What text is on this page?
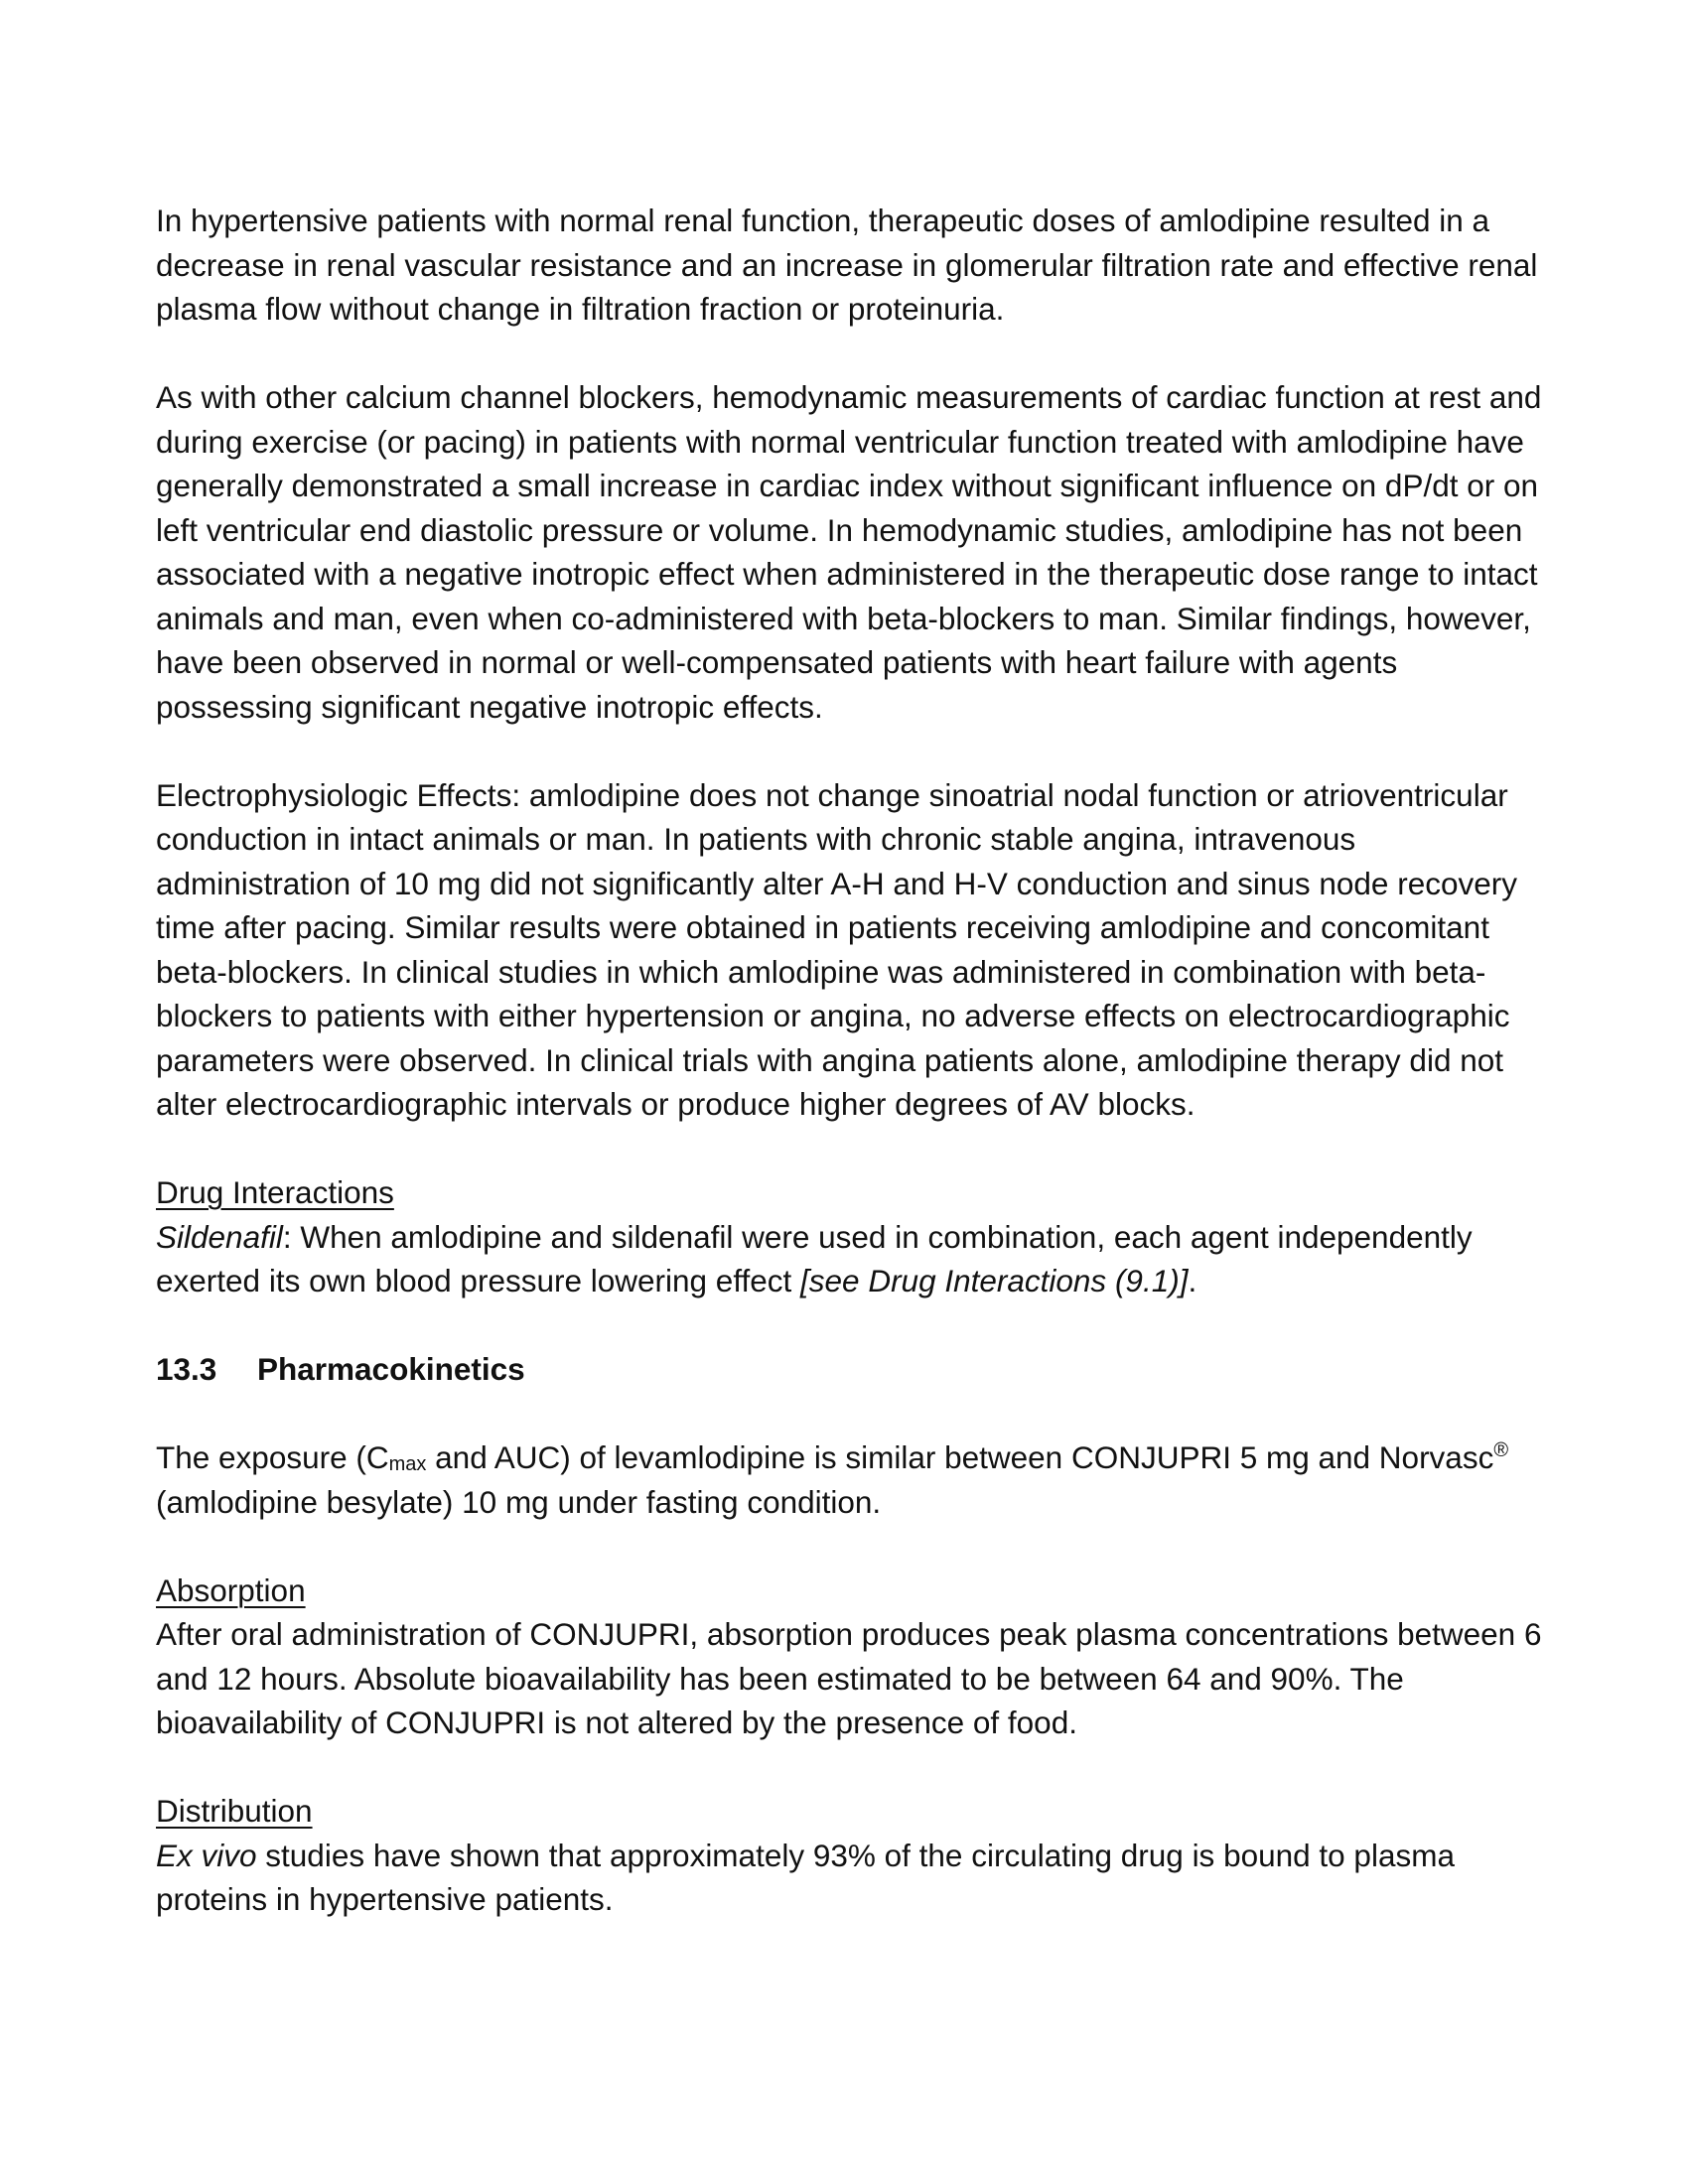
In hypertensive patients with normal renal function, therapeutic doses of amlodipine resulted in a decrease in renal vascular resistance and an increase in glomerular filtration rate and effective renal plasma flow without change in filtration fraction or proteinuria.

As with other calcium channel blockers, hemodynamic measurements of cardiac function at rest and during exercise (or pacing) in patients with normal ventricular function treated with amlodipine have generally demonstrated a small increase in cardiac index without significant influence on dP/dt or on left ventricular end diastolic pressure or volume. In hemodynamic studies, amlodipine has not been associated with a negative inotropic effect when administered in the therapeutic dose range to intact animals and man, even when co-administered with beta-blockers to man. Similar findings, however, have been observed in normal or well-compensated patients with heart failure with agents possessing significant negative inotropic effects.

Electrophysiologic Effects: amlodipine does not change sinoatrial nodal function or atrioventricular conduction in intact animals or man. In patients with chronic stable angina, intravenous administration of 10 mg did not significantly alter A-H and H-V conduction and sinus node recovery time after pacing. Similar results were obtained in patients receiving amlodipine and concomitant beta-blockers. In clinical studies in which amlodipine was administered in combination with beta-blockers to patients with either hypertension or angina, no adverse effects on electrocardiographic parameters were observed. In clinical trials with angina patients alone, amlodipine therapy did not alter electrocardiographic intervals or produce higher degrees of AV blocks.

Drug Interactions

Sildenafil: When amlodipine and sildenafil were used in combination, each agent independently exerted its own blood pressure lowering effect [see Drug Interactions (9.1)].

13.3 Pharmacokinetics

The exposure ($C_{max}$ and AUC) of levamlodipine is similar between CONJUPRI 5 mg and Norvasc® (amlodipine besylate) 10 mg under fasting condition.

Absorption

After oral administration of CONJUPRI, absorption produces peak plasma concentrations between 6 and 12 hours. Absolute bioavailability has been estimated to be between 64 and 90%. The bioavailability of CONJUPRI is not altered by the presence of food.

Distribution

Ex vivo studies have shown that approximately 93% of the circulating drug is bound to plasma proteins in hypertensive patients.
